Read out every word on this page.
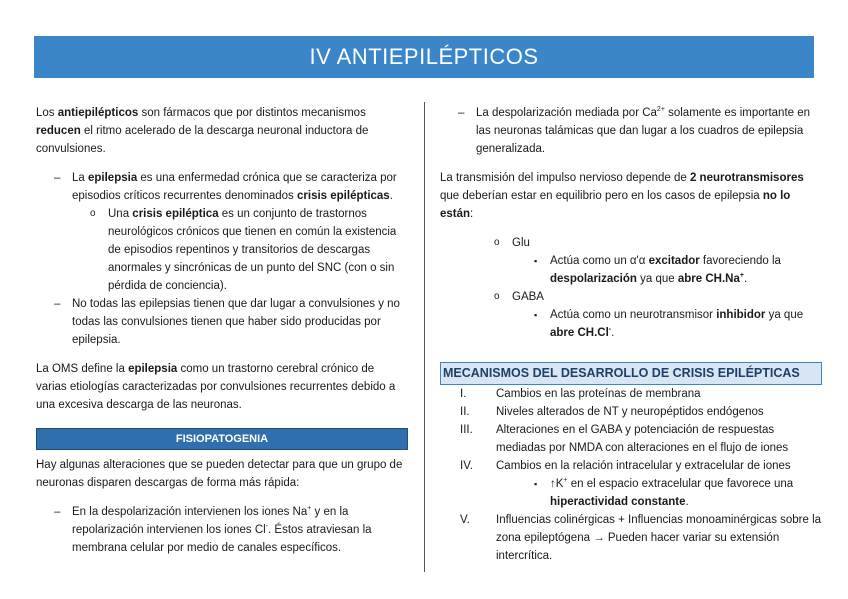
IV ANTIEPILÉPTICOS

Los antiepilépticos son fármacos que por distintos mecanismos reducen el ritmo acelerado de la descarga neuronal inductora de convulsiones.

– La epilepsia es una enfermedad crónica que se caracteriza por episodios críticos recurrentes denominados crisis epilépticas.
o Una crisis epiléptica es un conjunto de trastornos neurológicos crónicos que tienen en común la existencia de episodios repentinos y transitorios de descargas anormales y sincrónicas de un punto del SNC (con o sin pérdida de conciencia).
– No todas las epilepsias tienen que dar lugar a convulsiones y no todas las convulsiones tienen que haber sido producidas por epilepsia.

La OMS define la epilepsia como un trastorno cerebral crónico de varias etiologías caracterizadas por convulsiones recurrentes debido a una excesiva descarga de las neuronas.

FISIOPATOGENIA

Hay algunas alteraciones que se pueden detectar para que un grupo de neuronas disparen descargas de forma más rápida:

– En la despolarización intervienen los iones Na+ y en la repolarización intervienen los iones Cl-. Éstos atraviesan la membrana celular por medio de canales específicos.
– La despolarización mediada por $Ca^{2+}$ solamente es importante en las neuronas talámicas que dan lugar a los cuadros de epilepsia generalizada.

La transmisión del impulso nervioso depende de 2 neurotransmisores que deberían estar en equilibrio pero en los casos de epilepsia no lo están:

o Glu
▪ Actúa como un α'α excitador favoreciendo la despolarización ya que abre CH.Na+.
o GABA
▪ Actúa como un neurotransmisor inhibidor ya que abre CH.Cl-.
MECANISMOS DEL DESARROLLO DE CRISIS EPILÉPTICAS
I.	Cambios en las proteínas de membrana
II. Niveles alterados de NT y neuropéptidos endógenos
III. Alteraciones en el GABA y potenciación de respuestas mediadas por NMDA con alteraciones en el flujo de iones
IV. Cambios en la relación intracelular y extracelular de iones
▪ ↑K+ en el espacio extracelular que favorece una hiperactividad constante.
V. Influencias colinérgicas + Influencias monoaminérgicas sobre la zona epileptógena → Pueden hacer variar su extensión intercrítica.
